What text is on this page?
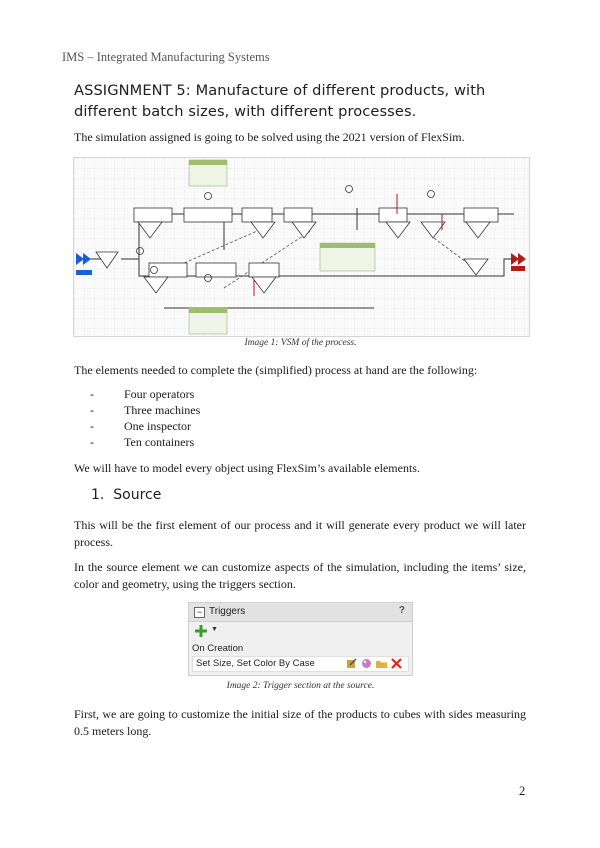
IMS – Integrated Manufacturing Systems
ASSIGNMENT 5: Manufacture of different products, with different batch sizes, with different processes.
The simulation assigned is going to be solved using the 2021 version of FlexSim.
Image 1: VSM of the process.
The elements needed to complete the (simplified) process at hand are the following:
-	Four operators
-	Three machines
-	One inspector
-	Ten containers
We will have to model every object using FlexSim’s available elements.
1. Source
This will be the first element of our process and it will generate every product we will later process.
In the source element we can customize aspects of the simulation, including the items’ size, color and geometry, using the triggers section.
− Triggers	?
▼
On Creation
Set Size, Set Color By Case
Image 2: Trigger section at the source.
First, we are going to customize the initial size of the products to cubes with sides measuring 0.5 meters long.
2
